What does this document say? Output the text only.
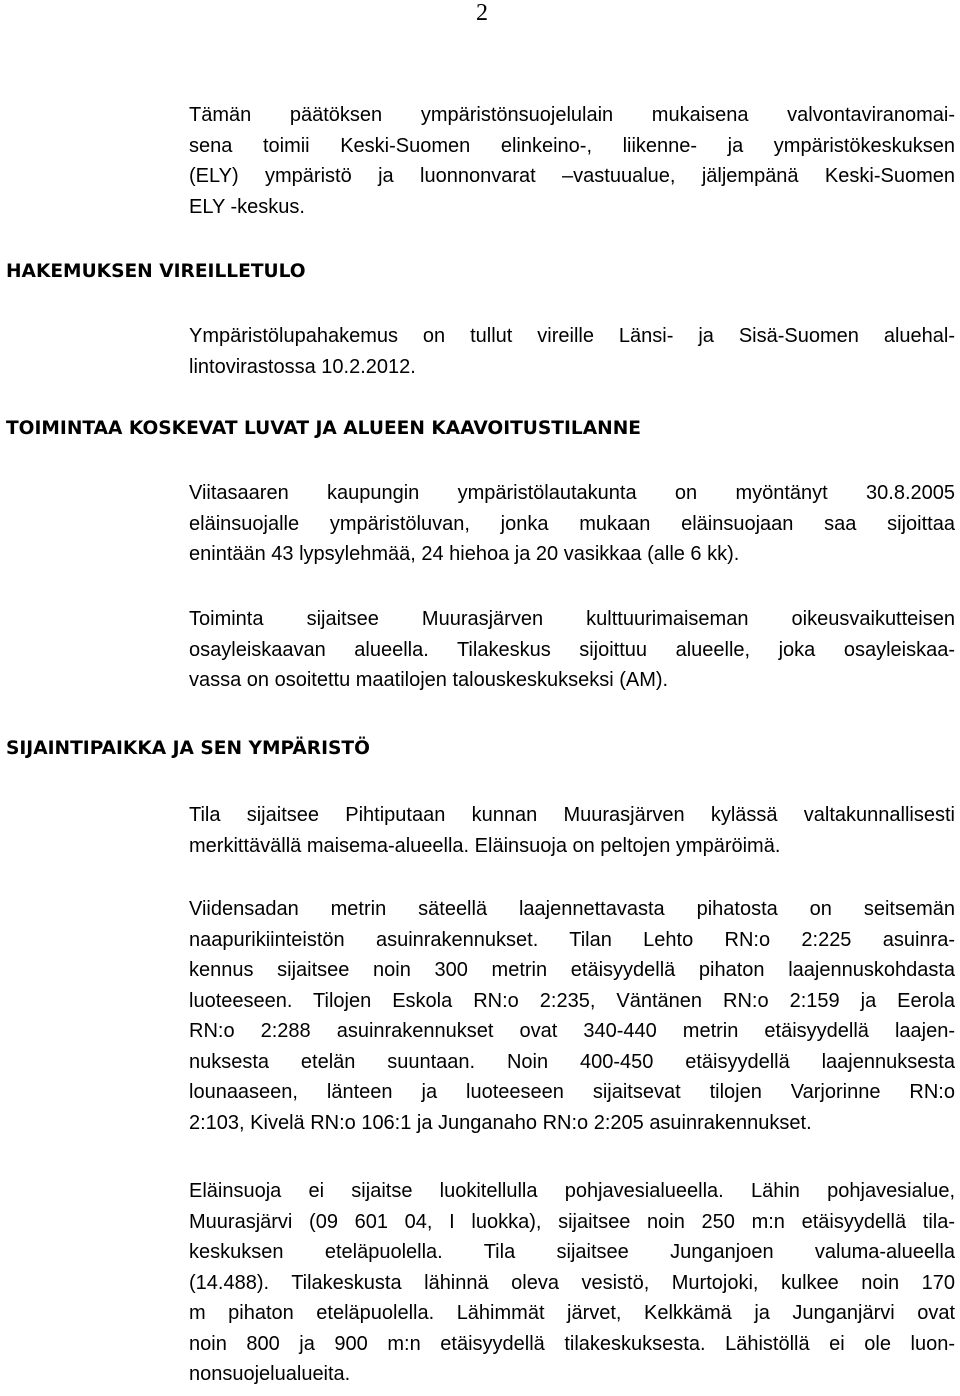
2

Tämän päätöksen ympäristönsuojelulain mukaisena valvontaviranomai-
sena toimii Keski-Suomen elinkeino-, liikenne- ja ympäristökeskuksen
(ELY) ympäristö ja luonnonvarat –vastuualue, jäljempänä Keski-Suomen
ELY -keskus.

HAKEMUKSEN VIREILLETULO

Ympäristölupahakemus on tullut vireille Länsi- ja Sisä-Suomen aluehal-
lintovirastossa 10.2.2012.

TOIMINTAA KOSKEVAT LUVAT JA ALUEEN KAAVOITUSTILANNE

Viitasaaren kaupungin ympäristölautakunta on myöntänyt 30.8.2005
eläinsuojalle ympäristöluvan, jonka mukaan eläinsuojaan saa sijoittaa
enintään 43 lypsylehmää, 24 hiehoa ja 20 vasikkaa (alle 6 kk).

Toiminta sijaitsee Muurasjärven kulttuurimaiseman oikeusvaikutteisen
osayleiskaavan alueella. Tilakeskus sijoittuu alueelle, joka osayleiskaa-
vassa on osoitettu maatilojen talouskeskukseksi (AM).

SIJAINTIPAIKKA JA SEN YMPÄRISTÖ

Tila sijaitsee Pihtiputaan kunnan Muurasjärven kylässä valtakunnallisesti
merkittävällä maisema-alueella. Eläinsuoja on peltojen ympäröimä.

Viidensadan metrin säteellä laajennettavasta pihatosta on seitsemän
naapurikiinteistön asuinrakennukset. Tilan Lehto RN:o 2:225 asuinra-
kennus sijaitsee noin 300 metrin etäisyydellä pihaton laajennuskohdasta
luoteeseen. Tilojen Eskola RN:o 2:235, Väntänen RN:o 2:159 ja Eerola
RN:o 2:288 asuinrakennukset ovat 340-440 metrin etäisyydellä laajen-
nuksesta etelän suuntaan. Noin 400-450 etäisyydellä laajennuksesta
lounaaseen, länteen ja luoteeseen sijaitsevat tilojen Varjorinne RN:o
2:103, Kivelä RN:o 106:1 ja Junganaho RN:o 2:205 asuinrakennukset.

Eläinsuoja ei sijaitse luokitellulla pohjavesialueella. Lähin pohjavesialue,
Muurasjärvi (09 601 04, I luokka), sijaitsee noin 250 m:n etäisyydellä tila-
keskuksen eteläpuolella. Tila sijaitsee Junganjoen valuma-alueella
(14.488). Tilakeskusta lähinnä oleva vesistö, Murtojoki, kulkee noin 170
m pihaton eteläpuolella. Lähimmät järvet, Kelkkämä ja Junganjärvi ovat
noin 800 ja 900 m:n etäisyydellä tilakeskuksesta. Lähistöllä ei ole luon-
nonsuojelualueita.
